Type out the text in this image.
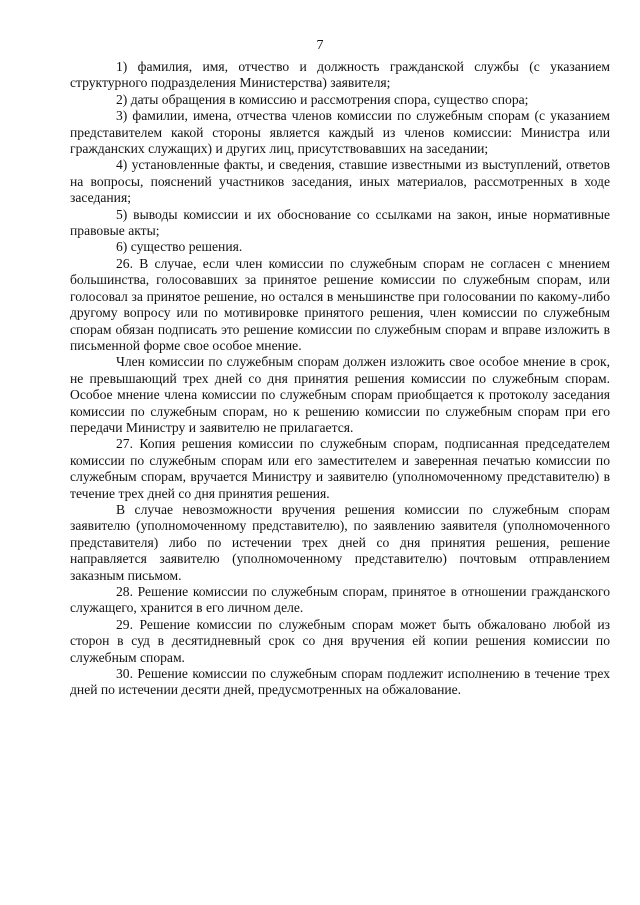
7

1) фамилия, имя, отчество и должность гражданской службы (с указанием структурного подразделения Министерства) заявителя;

2) даты обращения в комиссию и рассмотрения спора, существо спора;

3) фамилии, имена, отчества членов комиссии по служебным спорам (с указанием представителем какой стороны является каждый из членов комиссии: Министра или гражданских служащих) и других лиц, присутствовавших на заседании;

4) установленные факты, и сведения, ставшие известными из выступлений, ответов на вопросы, пояснений участников заседания, иных материалов, рассмотренных в ходе заседания;

5) выводы комиссии и их обоснование со ссылками на закон, иные нормативные правовые акты;

6) существо решения.

26. В случае, если член комиссии по служебным спорам не согласен с мнением большинства, голосовавших за принятое решение комиссии по служебным спорам, или голосовал за принятое решение, но остался в меньшинстве при голосовании по какому-либо другому вопросу или по мотивировке принятого решения, член комиссии по служебным спорам обязан подписать это решение комиссии по служебным спорам и вправе изложить в письменной форме свое особое мнение.

Член комиссии по служебным спорам должен изложить свое особое мнение в срок, не превышающий трех дней со дня принятия решения комиссии по служебным спорам. Особое мнение члена комиссии по служебным спорам приобщается к протоколу заседания комиссии по служебным спорам, но к решению комиссии по служебным спорам при его передачи Министру и заявителю не прилагается.

27. Копия решения комиссии по служебным спорам, подписанная председателем комиссии по служебным спорам или его заместителем и заверенная печатью комиссии по служебным спорам, вручается Министру и заявителю (уполномоченному представителю) в течение трех дней со дня принятия решения.

В случае невозможности вручения решения комиссии по служебным спорам заявителю (уполномоченному представителю), по заявлению заявителя (уполномоченного представителя) либо по истечении трех дней со дня принятия решения, решение направляется заявителю (уполномоченному представителю) почтовым отправлением заказным письмом.

28. Решение комиссии по служебным спорам, принятое в отношении гражданского служащего, хранится в его личном деле.

29. Решение комиссии по служебным спорам может быть обжаловано любой из сторон в суд в десятидневный срок со дня вручения ей копии решения комиссии по служебным спорам.

30. Решение комиссии по служебным спорам подлежит исполнению в течение трех дней по истечении десяти дней, предусмотренных на обжалование.
